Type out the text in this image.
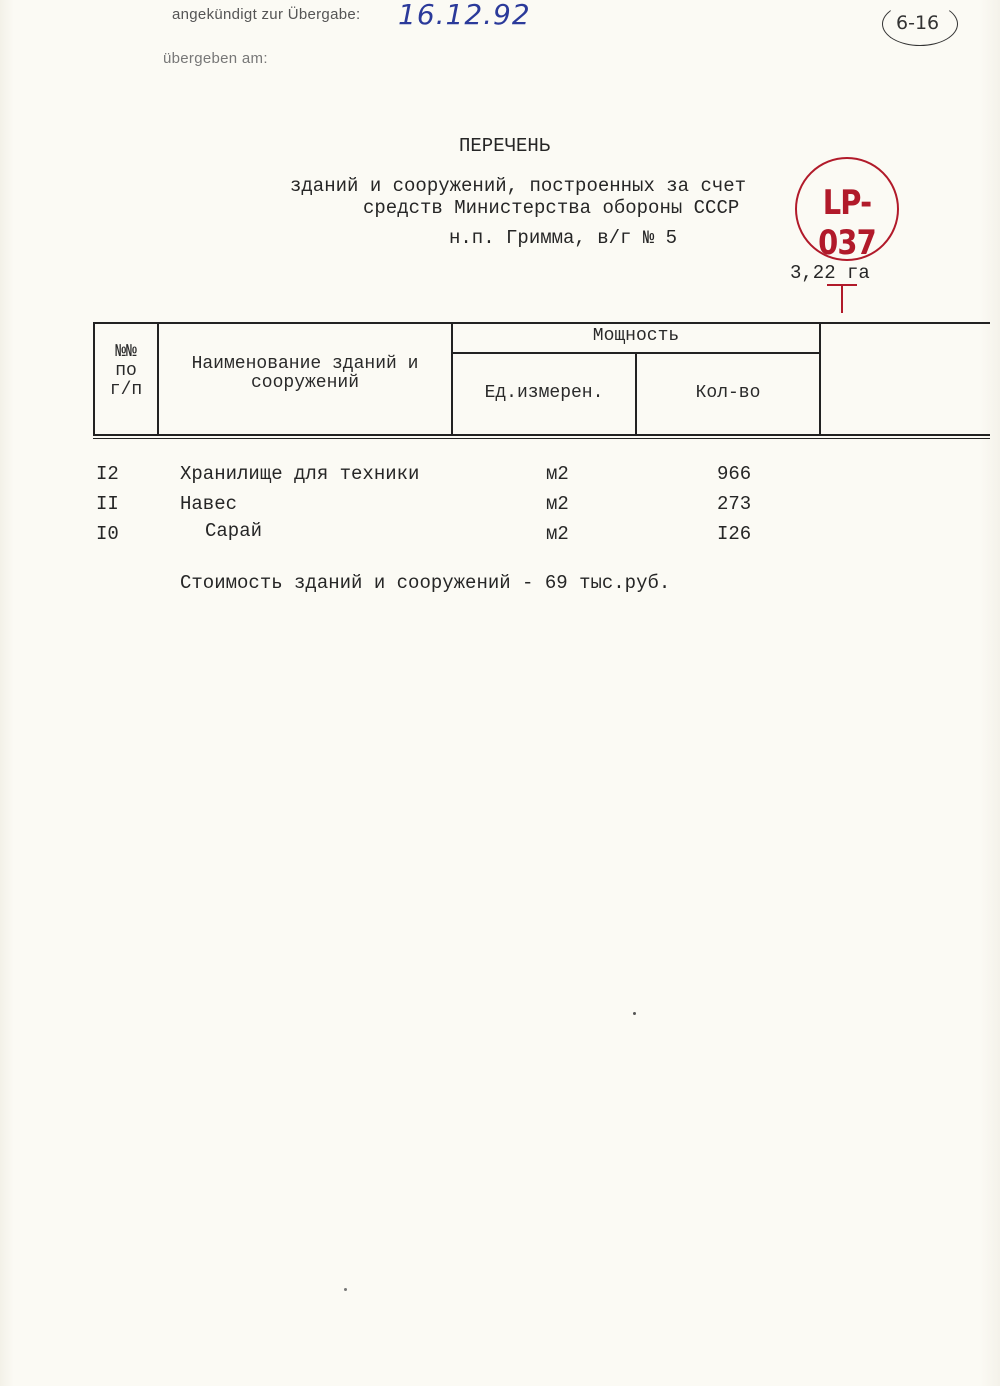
angekündigt zur Übergabe: 16.12.92
übergeben am:
6-16
ПЕРЕЧЕНЬ
зданий и сооружений, построенных за счет
средств Министерства обороны СССР
н.п. Гримма, в/г № 5
3,22 га
LP-037
№№
по
г/п
Наименование зданий и
сооружений
Мощность
Ед.измерен.	Кол-во
I2	Хранилище для техники	м2	966
II	Навес	м2	273
I0	Сарай	м2	I26
Стоимость зданий и сооружений - 69 тыс.руб.
